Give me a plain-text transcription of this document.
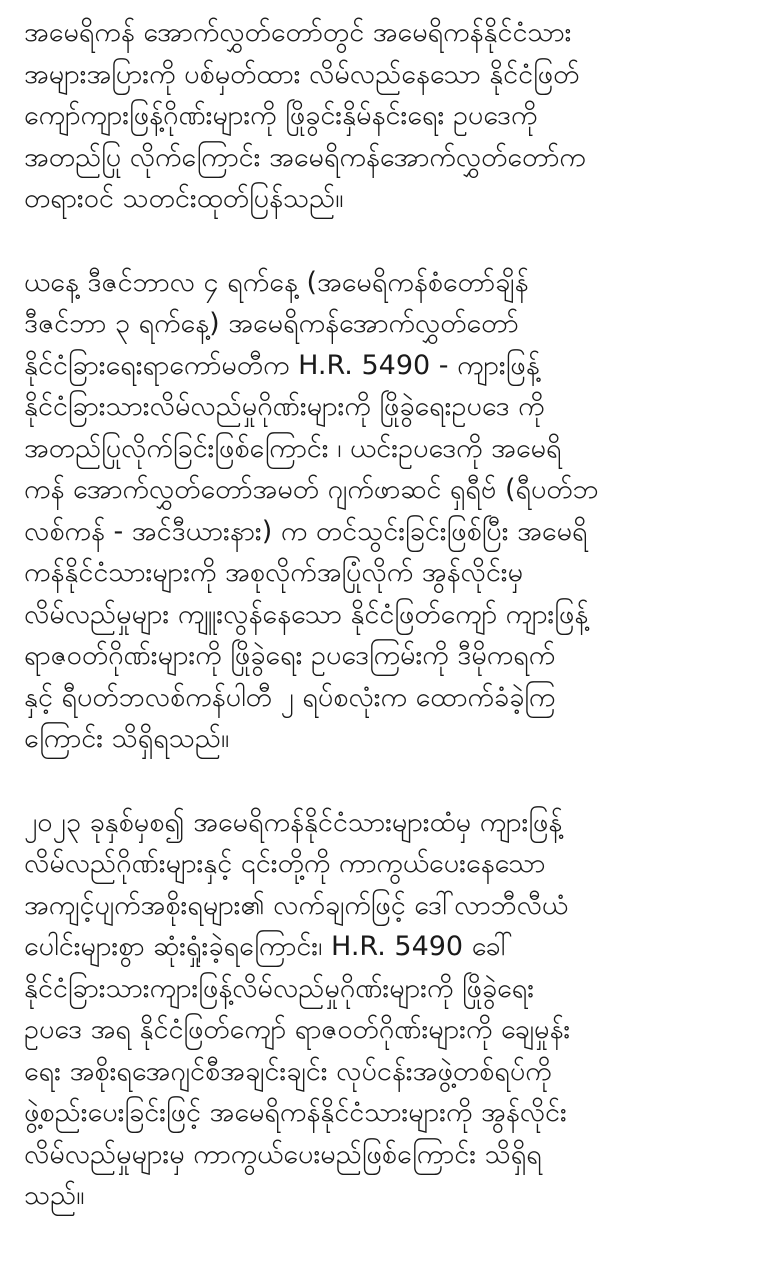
အမေရိကန် အောက်လွှတ်တော်တွင် အမေရိကန်နိုင်ငံသား
အများအပြားကို ပစ်မှတ်ထား လိမ်လည်နေသော နိုင်ငံဖြတ်
ကျော်ကျားဖြန့်ဂိုဏ်းများကို ဖြိုခွင်းနှိမ်နင်းရေး ဥပဒေကို
အတည်ပြု လိုက်ကြောင်း အမေရိကန်အောက်လွှတ်တော်က
တရားဝင် သတင်းထုတ်ပြန်သည်။

ယနေ့ ဒီဇင်ဘာလ ၄ ရက်နေ့ (အမေရိကန်စံတော်ချိန်
ဒီဇင်ဘာ ၃ ရက်နေ့) အမေရိကန်အောက်လွှတ်တော်
နိုင်ငံခြားရေးရာကော်မတီက H.R. 5490 - ကျားဖြန့်
နိုင်ငံခြားသားလိမ်လည်မှုဂိုဏ်းများကို ဖြိုခွဲရေးဥပဒေ ကို
အတည်ပြုလိုက်ခြင်းဖြစ်ကြောင်း ၊ ယင်းဥပဒေကို အမေရိ
ကန် အောက်လွှတ်တော်အမတ် ဂျက်ဖာဆင် ရှရီဗ် (ရီပတ်ဘ
လစ်ကန် - အင်ဒီယားနား) က တင်သွင်းခြင်းဖြစ်ပြီး အမေရိ
ကန်နိုင်ငံသားများကို အစုလိုက်အပြုံလိုက် အွန်လိုင်းမှ
လိမ်လည်မှုများ ကျူးလွန်နေသော နိုင်ငံဖြတ်ကျော် ကျားဖြန့်
ရာဇဝတ်ဂိုဏ်းများကို ဖြိုခွဲရေး ဥပဒေကြမ်းကို ဒီမိုကရက်
နှင့် ရီပတ်ဘလစ်ကန်ပါတီ ၂ ရပ်စလုံးက ထောက်ခံခဲ့ကြ
ကြောင်း သိရှိရသည်။

၂၀၂၃ ခုနှစ်မှစ၍ အမေရိကန်နိုင်ငံသားများထံမှ ကျားဖြန့်
လိမ်လည်ဂိုဏ်းများနှင့် ၎င်းတို့ကို ကာကွယ်ပေးနေသော
အကျင့်ပျက်အစိုးရများ၏ လက်ချက်ဖြင့် ဒေါ်လာဘီလီယံ
ပေါင်းများစွာ ဆုံးရှုံးခဲ့ရကြောင်း၊ H.R. 5490 ခေါ်
နိုင်ငံခြားသားကျားဖြန့်လိမ်လည်မှုဂိုဏ်းများကို ဖြိုခွဲရေး
ဥပဒေ အရ နိုင်ငံဖြတ်ကျော် ရာဇဝတ်ဂိုဏ်းများကို ချေမှုန်း
ရေး အစိုးရအေဂျင်စီအချင်းချင်း လုပ်ငန်းအဖွဲ့တစ်ရပ်ကို
ဖွဲ့စည်းပေးခြင်းဖြင့် အမေရိကန်နိုင်ငံသားများကို အွန်လိုင်း
လိမ်လည်မှုများမှ ကာကွယ်ပေးမည်ဖြစ်ကြောင်း သိရှိရ
သည်။
